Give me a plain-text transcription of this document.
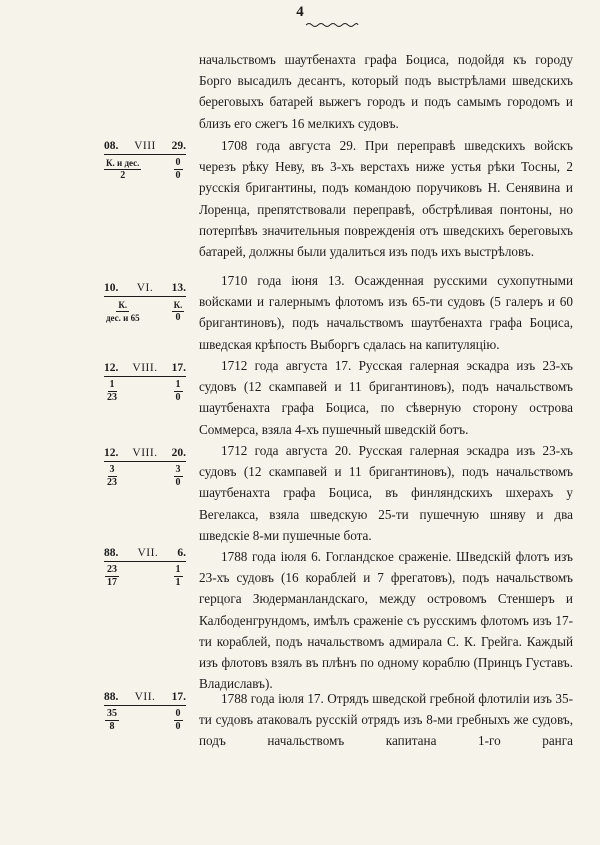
4

начальствомъ шаутбенахта графа Боциса, подойдя къ городу Борго высадилъ десантъ, который подъ выстрѣлами шведскихъ береговыхъ батарей выжегъ городъ и подъ самымъ городомъ и близъ его сжегъ 16 мелкихъ судовъ.

08. VIII 29.
$\frac{\text{К. и дес.}}{2}$	$\frac{0}{0}$

1708 года августа 29. При переправѣ шведскихъ войскъ черезъ рѣку Неву, въ 3-хъ верстахъ ниже устья рѣки Тосны, 2 русскія бригантины, подъ командою поручиковъ Н. Сенявина и Лоренца, препятствовали переправѣ, обстрѣливая понтоны, но потерпѣвъ значительныя поврежденія отъ шведскихъ береговыхъ батарей, должны были удалиться изъ подъ ихъ выстрѣловъ.

10. VI. 13.
$\frac{К.}{\text{дес. и 65}}$	$\frac{К.}{0}$

1710 года іюня 13. Осажденная русскими сухопутными войсками и галернымъ флотомъ изъ 65-ти судовъ (5 галеръ и 60 бригантиновъ), подъ начальствомъ шаутбенахта графа Боциса, шведская крѣпость Выборгъ сдалась на капитуляцію.

12. VIII. 17.
$\frac{1}{23}$	$\frac{1}{0}$

1712 года августа 17. Русская галерная эскадра изъ 23-хъ судовъ (12 скампавей и 11 бригантиновъ), подъ начальствомъ шаутбенахта графа Боциса, по сѣверную сторону острова Соммерса, взяла 4-хъ пушечный шведскій ботъ.

12. VIII. 20.
$\frac{3}{23}$	$\frac{3}{0}$

1712 года августа 20. Русская галерная эскадра изъ 23-хъ судовъ (12 скампавей и 11 бригантиновъ), подъ начальствомъ шаутбенахта графа Боциса, въ финляндскихъ шхерахъ у Вегелакса, взяла шведскую 25-ти пушечную шняву и два шведскіе 8-ми пушечные бота.

88. VII. 6.
$\frac{23}{17}$	$\frac{1}{1}$

1788 года іюля 6. Гогландское сраженіе. Шведскій флотъ изъ 23-хъ судовъ (16 кораблей и 7 фрегатовъ), подъ начальствомъ герцога Зюдерманландскаго, между островомъ Стеншеръ и Калбоденгрундомъ, имѣлъ сраженіе съ русскимъ флотомъ изъ 17-ти кораблей, подъ начальствомъ адмирала С. К. Грейга. Каждый изъ флотовъ взялъ въ плѣнъ по одному кораблю (Принцъ Густавъ. Владиславъ).

88. VII. 17.
$\frac{35}{8}$	$\frac{0}{0}$

1788 года іюля 17. Отрядъ шведской гребной флотиліи изъ 35-ти судовъ атаковалъ русскій отрядъ изъ 8-ми гребныхъ же судовъ, подъ начальствомъ капитана 1-го ранга
